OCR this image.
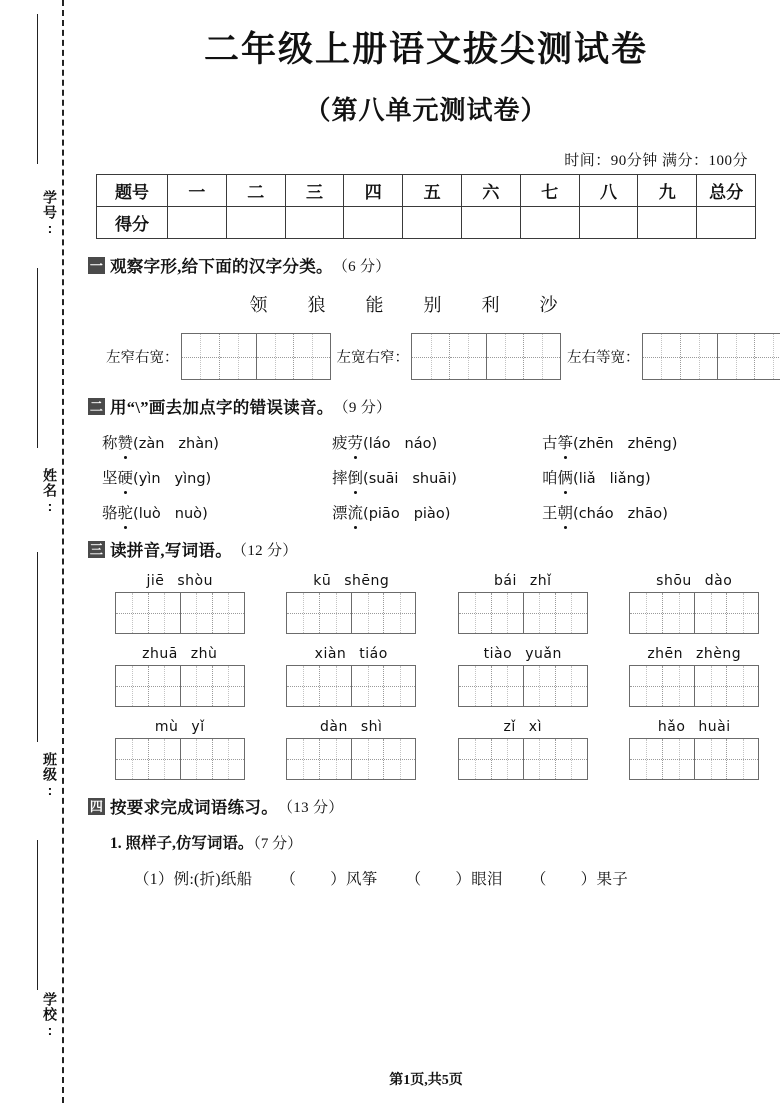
学号:
姓名:
班级:
学校:
二年级上册语文拔尖测试卷
（第八单元测试卷）
时间：90分钟 满分：100分
题号	一	二	三	四	五	六	七	八	九	总分
得分										
一 观察字形,给下面的汉字分类。 （6 分）
领 狼 能 别 利 沙
左窄右宽：	左宽右窄：	左右等宽：
二 用“\”画去加点字的错误读音。 （9 分）
称赞(zàn zhàn)	疲劳(láo náo)	古筝(zhēn zhēng)
坚硬(yìn yìng)	摔倒(suāi shuāi)	咱俩(liǎ liǎng)
骆驼(luò nuò)	漂流(piāo piào)	王朝(cháo zhāo)
三 读拼音,写词语。 （12 分）
jiē shòu	kū shēng	bái zhǐ	shōu dào
zhuā zhù	xiàn tiáo	tiào yuǎn	zhēn zhèng
mù yǐ	dàn shì	zǐ xì	hǎo huài
四 按要求完成词语练习。 （13 分）
1. 照样子,仿写词语。（7 分）
（1）例:(折)纸船 （ ）风筝 （ ）眼泪 （ ）果子
第1页,共5页
